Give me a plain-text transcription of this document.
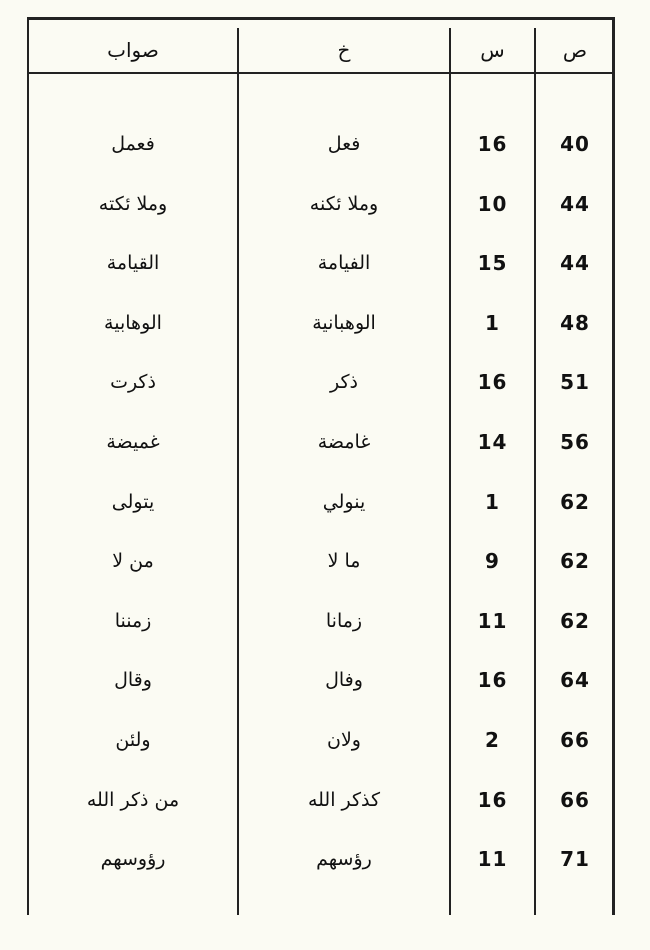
صواب	خ	س	ص
فعمل	فعل	16	40
وملا ئكته	وملا ئكنه	10	44
القيامة	الفيامة	15	44
الوهابية	الوهبانية	1	48
ذكرت	ذكر	16	51
غميضة	غامضة	14	56
يتولى	ينولي	1	62
من لا	ما لا	9	62
زمننا	زمانا	11	62
وقال	وفال	16	64
ولئن	ولان	2	66
من ذكر الله	كذكر الله	16	66
رؤوسهم	رؤسهم	11	71
